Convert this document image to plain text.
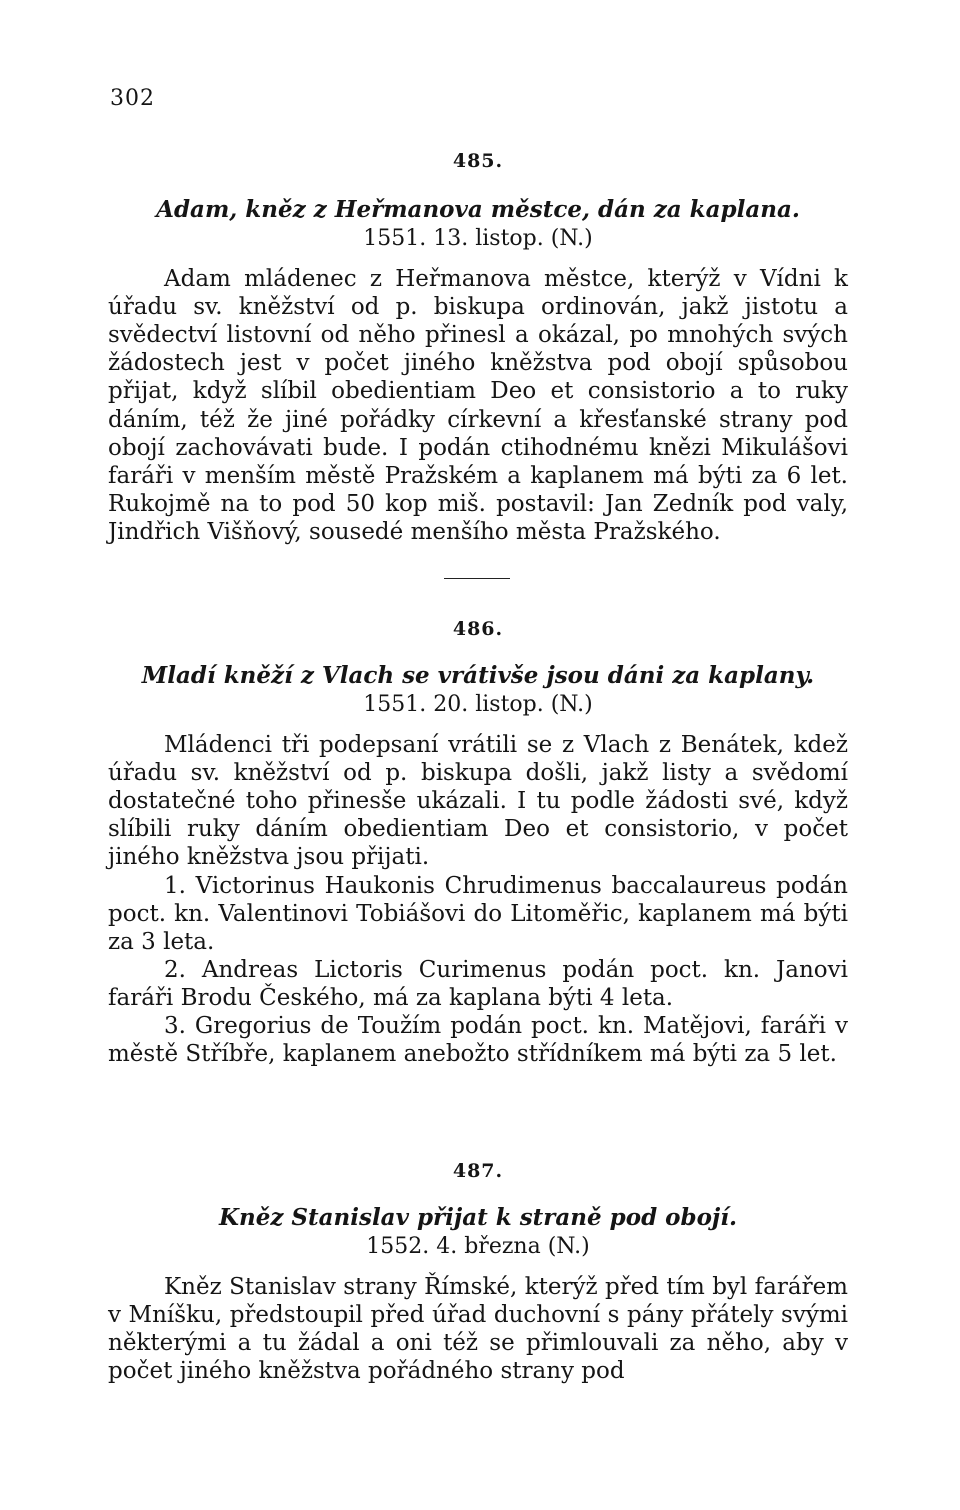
302
485.
Adam, kněz z Heřmanova městce, dán za kaplana.
1551. 13. listop. (N.)

Adam mládenec z Heřmanova městce, kterýž v Vídni k úřadu sv. kněžství od p. biskupa ordinován, jakž jistotu a svědectví listovní od něho přinesl a okázal, po mnohých svých žádostech jest v počet jiného kněžstva pod obojí spůsobou přijat, když slíbil obedientiam Deo et consistorio a to ruky dáním, též že jiné pořádky církevní a křesťanské strany pod obojí zachovávati bude. I podán ctihodnému knězi Mikulášovi faráři v menším městě Pražském a kaplanem má býti za 6 let. Rukojmě na to pod 50 kop miš. postavil: Jan Zedník pod valy, Jindřich Višňový, sousedé menšího města Pražského.

486.
Mladí kněží z Vlach se vrátivše jsou dáni za kaplany.
1551. 20. listop. (N.)

Mládenci tři podepsaní vrátili se z Vlach z Benátek, kdež úřadu sv. kněžství od p. biskupa došli, jakž listy a svědomí dostatečné toho přinesše ukázali. I tu podle žádosti své, když slíbili ruky dáním obedientiam Deo et consistorio, v počet jiného kněžstva jsou přijati.

1. Victorinus Haukonis Chrudimenus baccalaureus podán poct. kn. Valentinovi Tobiášovi do Litoměřic, kaplanem má býti za 3 leta.

2. Andreas Lictoris Curimenus podán poct. kn. Janovi faráři Brodu Českého, má za kaplana býti 4 leta.

3. Gregorius de Toužím podán poct. kn. Matějovi, faráři v městě Stříbře, kaplanem anebožto střídníkem má býti za 5 let.

487.
Kněz Stanislav přijat k straně pod obojí.
1552. 4. března (N.)

Kněz Stanislav strany Římské, kterýž před tím byl farářem v Mníšku, předstoupil před úřad duchovní s pány přátely svými některými a tu žádal a oni též se přimlouvali za něho, aby v počet jiného kněžstva pořádného strany pod
